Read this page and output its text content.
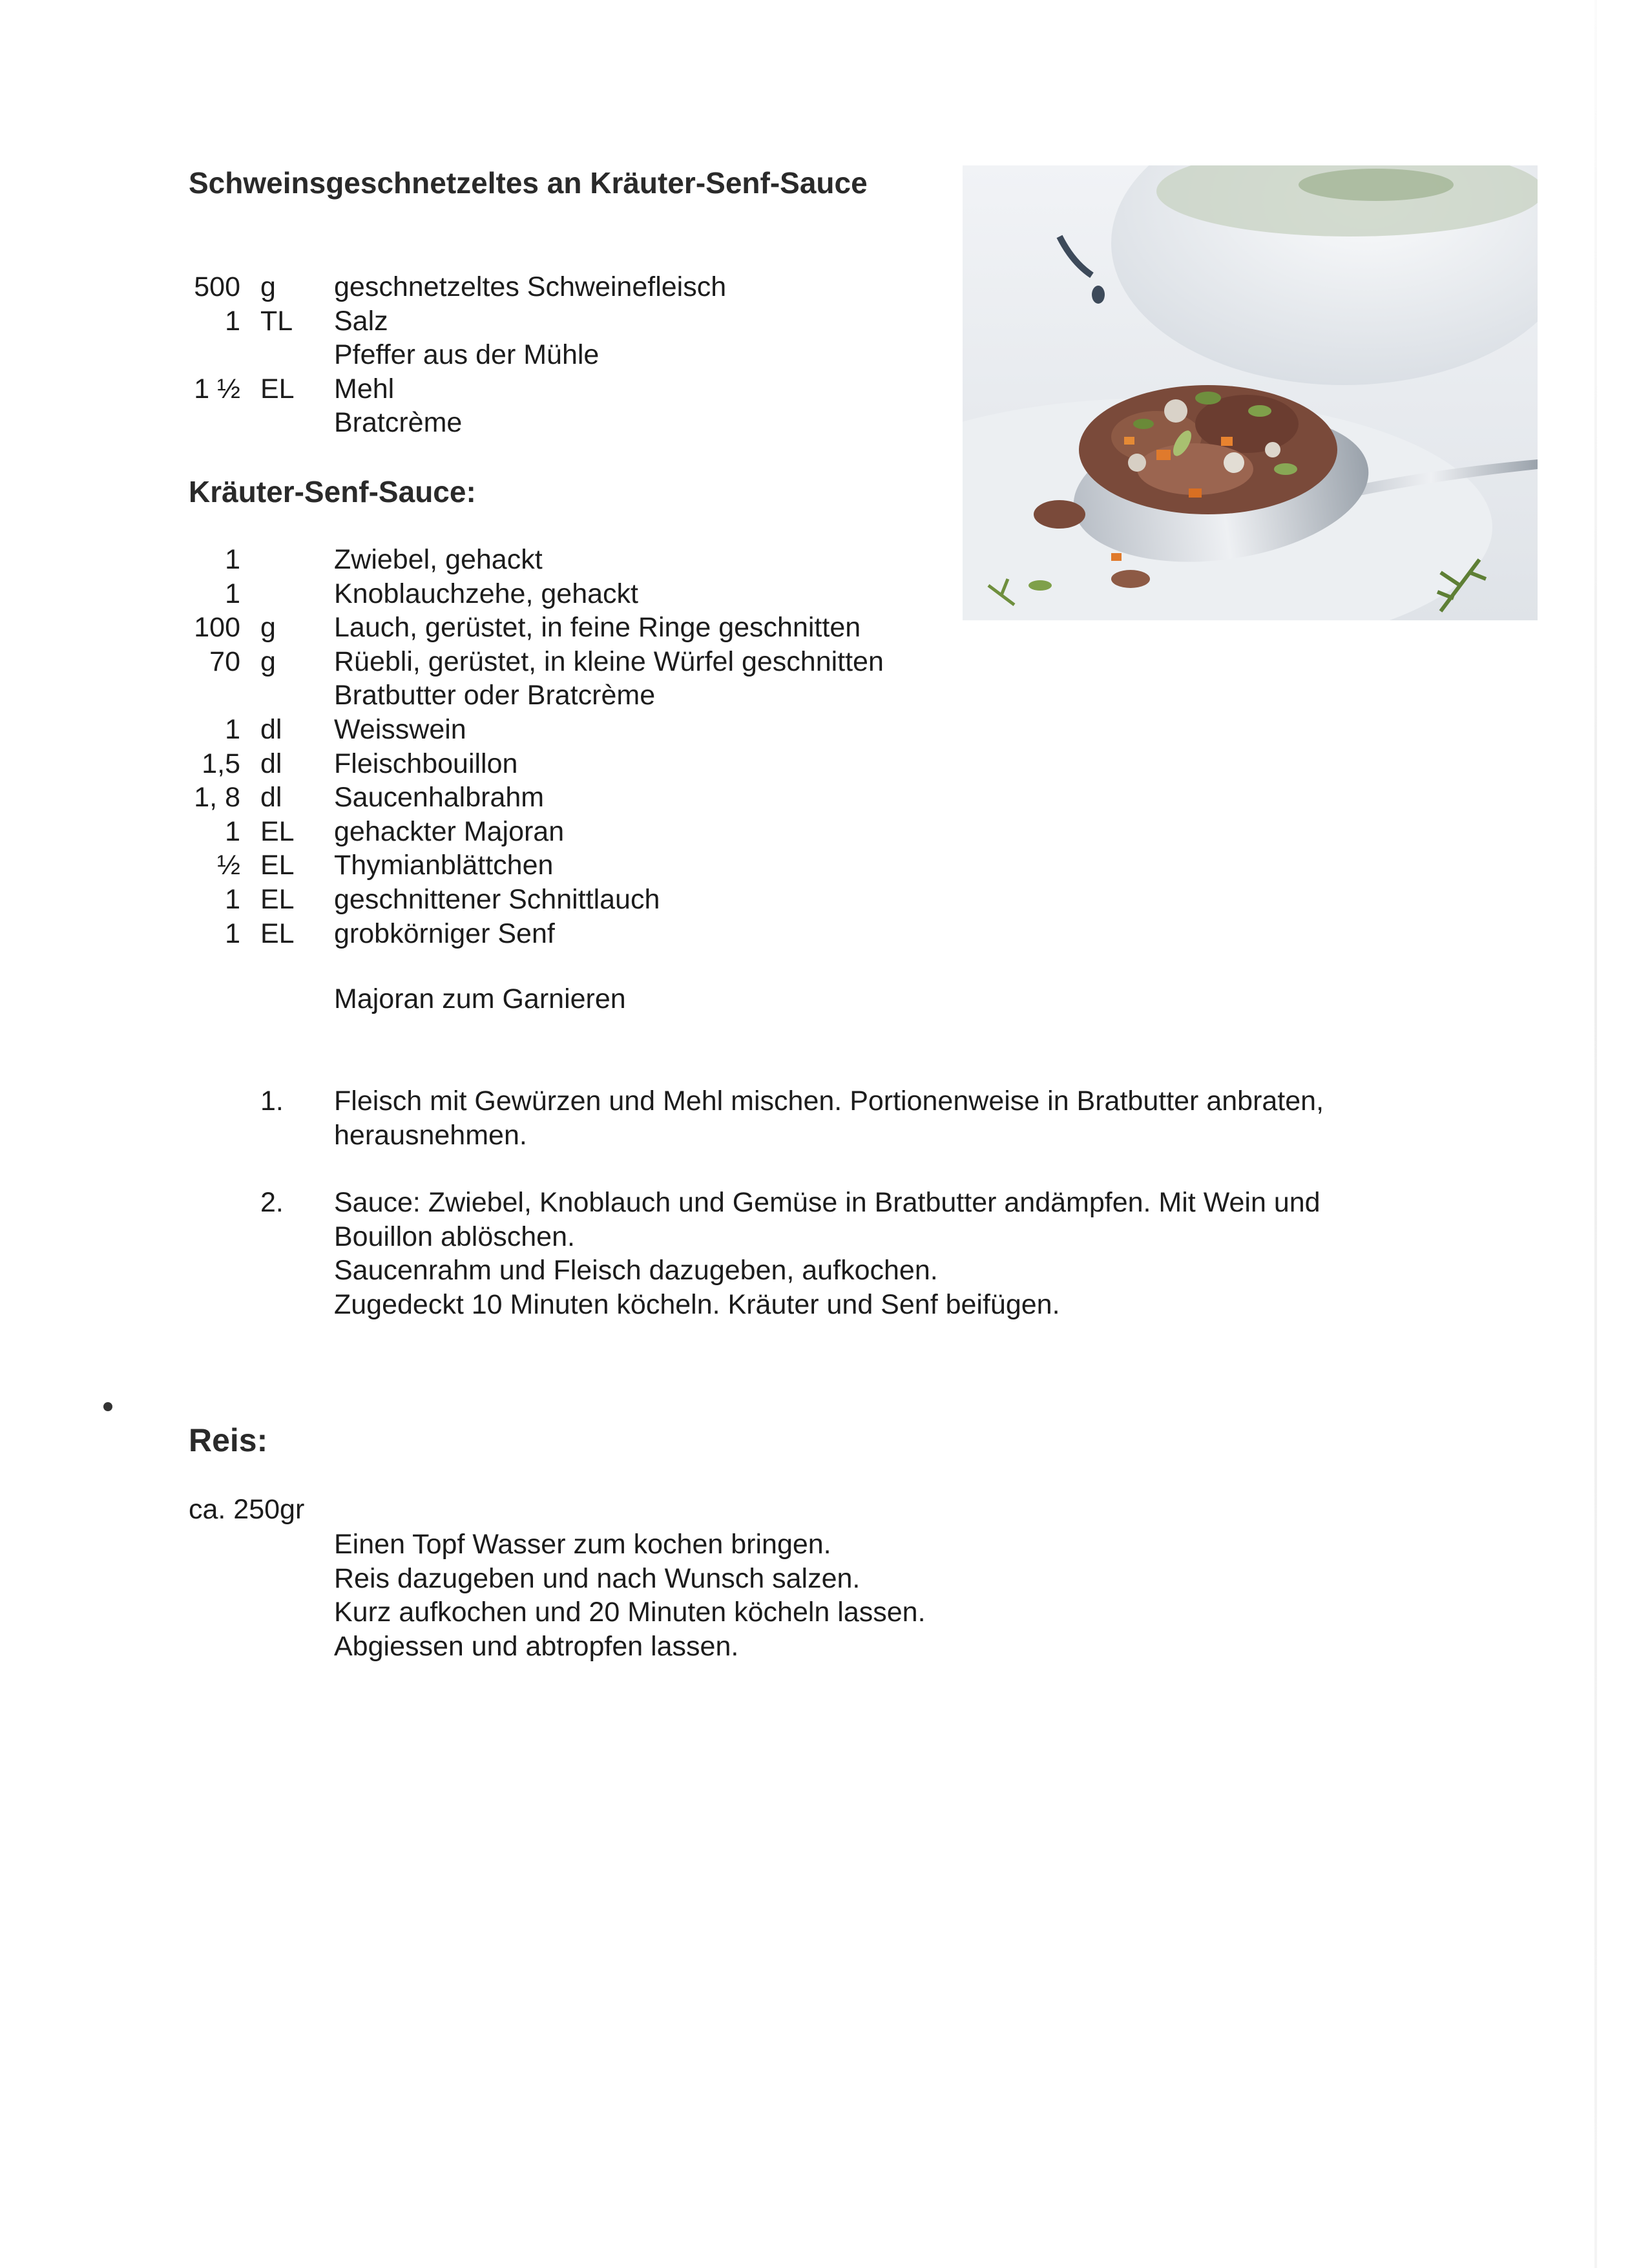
Schweinsgeschnetzeltes an Kräuter-Senf-Sauce
500 g geschnetzeltes Schweinefleisch
1 TL Salz
Pfeffer aus der Mühle
1 ½ EL Mehl
Bratcrème
Kräuter-Senf-Sauce:
1	Zwiebel, gehackt
1	Knoblauchzehe, gehackt
100 g Lauch, gerüstet, in feine Ringe geschnitten
70 g Rüebli, gerüstet, in kleine Würfel geschnitten
Bratbutter oder Bratcrème
1 dl Weisswein
1,5 dl Fleischbouillon
1, 8 dl Saucenhalbrahm
1 EL gehackter Majoran
½ EL Thymianblättchen
1 EL geschnittener Schnittlauch
1 EL grobkörniger Senf
Majoran zum Garnieren
1. Fleisch mit Gewürzen und Mehl mischen. Portionenweise in Bratbutter anbraten,
herausnehmen.
2. Sauce: Zwiebel, Knoblauch und Gemüse in Bratbutter andämpfen. Mit Wein und
Bouillon ablöschen.
Saucenrahm und Fleisch dazugeben, aufkochen.
Zugedeckt 10 Minuten köcheln. Kräuter und Senf beifügen.
Reis:
ca. 250gr
Einen Topf Wasser zum kochen bringen.
Reis dazugeben und nach Wunsch salzen.
Kurz aufkochen und 20 Minuten köcheln lassen.
Abgiessen und abtropfen lassen.
